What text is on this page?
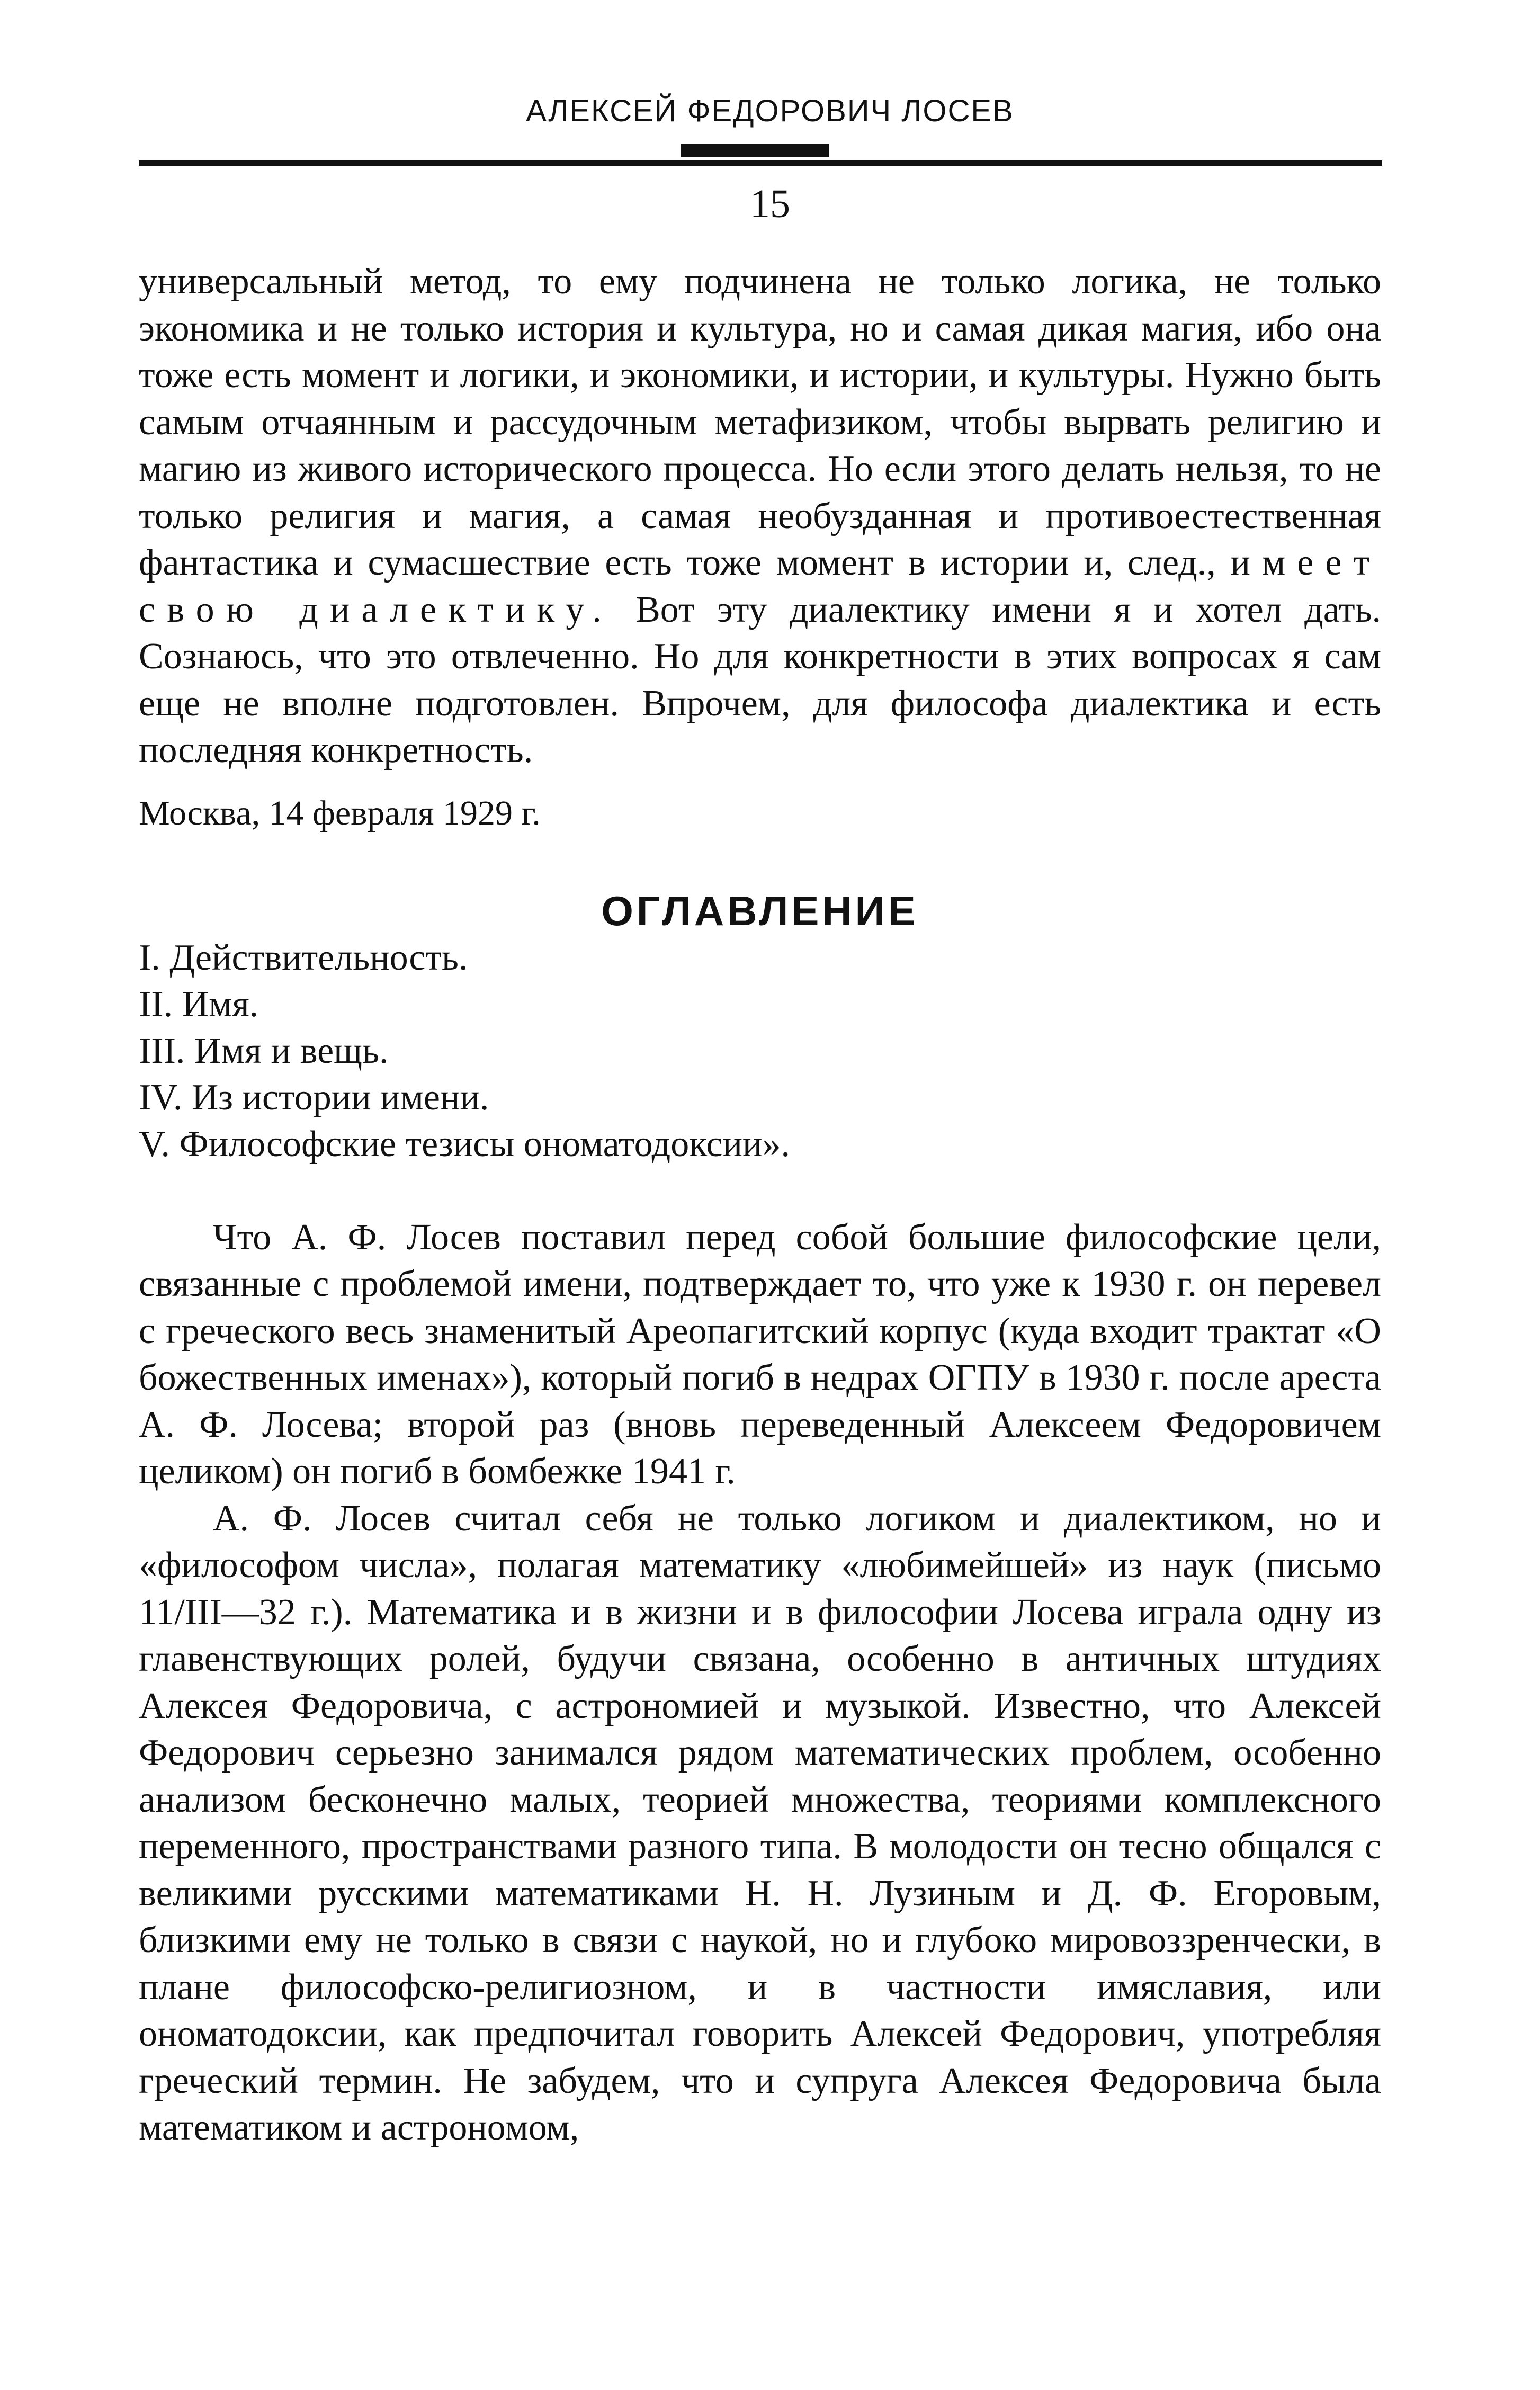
АЛЕКСЕЙ ФЕДОРОВИЧ ЛОСЕВ
15

универсальный метод, то ему подчинена не только логика, не только экономика и не только история и культура, но и самая дикая магия, ибо она тоже есть момент и логики, и экономики, и истории, и культуры. Нужно быть самым отчаянным и рассудочным метафизиком, чтобы вырвать религию и магию из живого исторического процесса. Но если этого делать нельзя, то не только религия и магия, а самая необузданная и противоестественная фантастика и сумасшествие есть тоже момент в истории и, след., имеет свою диалектику. Вот эту диалектику имени я и хотел дать. Сознаюсь, что это отвлеченно. Но для конкретности в этих вопросах я сам еще не вполне подготовлен. Впрочем, для философа диалектика и есть последняя конкретность.

Москва, 14 февраля 1929 г.

ОГЛАВЛЕНИЕ
I. Действительность.
II. Имя.
III. Имя и вещь.
IV. Из истории имени.
V. Философские тезисы ономатодоксии».

Что А. Ф. Лосев поставил перед собой большие философские цели, связанные с проблемой имени, подтверждает то, что уже к 1930 г. он перевел с греческого весь знаменитый Ареопагитский корпус (куда входит трактат «О божественных именах»), который погиб в недрах ОГПУ в 1930 г. после ареста А. Ф. Лосева; второй раз (вновь переведенный Алексеем Федоровичем целиком) он погиб в бомбежке 1941 г.

А. Ф. Лосев считал себя не только логиком и диалектиком, но и «философом числа», полагая математику «любимейшей» из наук (письмо 11/III—32 г.). Математика и в жизни и в философии Лосева играла одну из главенствующих ролей, будучи связана, особенно в античных штудиях Алексея Федоровича, с астрономией и музыкой. Известно, что Алексей Федорович серьезно занимался рядом математических проблем, особенно анализом бесконечно малых, теорией множества, теориями комплексного переменного, пространствами разного типа. В молодости он тесно общался с великими русскими математиками Н. Н. Лузиным и Д. Ф. Егоровым, близкими ему не только в связи с наукой, но и глубоко мировоззренчески, в плане философско-религиозном, и в частности имяславия, или ономатодоксии, как предпочитал говорить Алексей Федорович, употребляя греческий термин. Не забудем, что и супруга Алексея Федоровича была математиком и астрономом,
